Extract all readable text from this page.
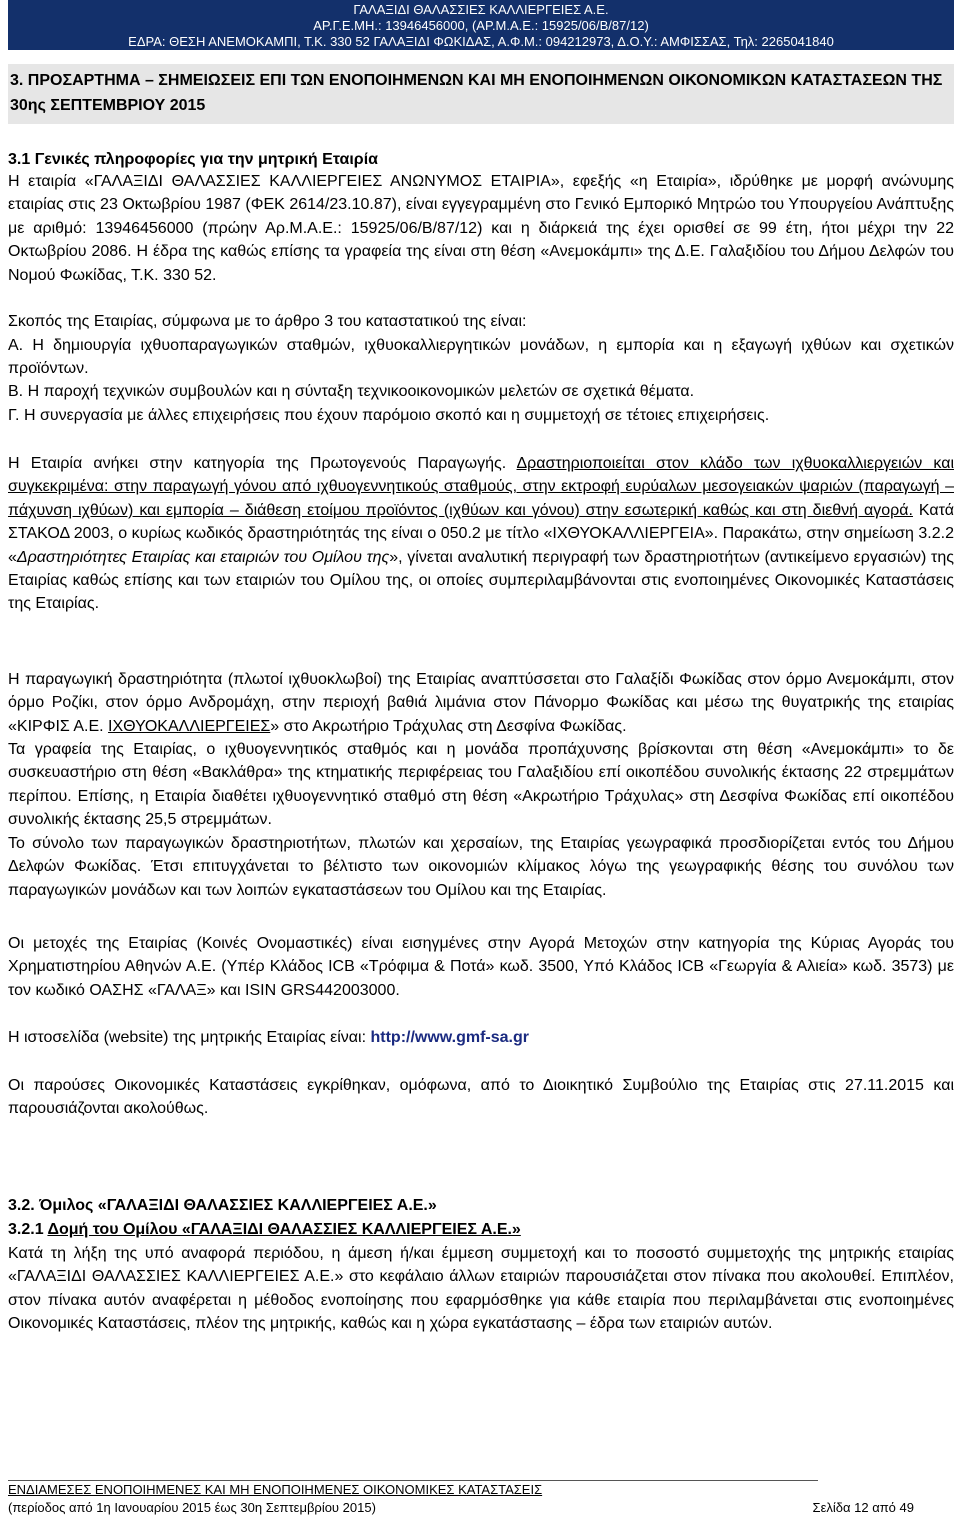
ΓΑΛΑΞΙΔΙ ΘΑΛΑΣΣΙΕΣ ΚΑΛΛΙΕΡΓΕΙΕΣ Α.Ε.
ΑΡ.Γ.Ε.ΜΗ.: 13946456000, (ΑΡ.Μ.Α.Ε.: 15925/06/Β/87/12)
ΕΔΡΑ: ΘΕΣΗ ΑΝΕΜΟΚΑΜΠΙ, Τ.Κ. 330 52 ΓΑΛΑΞΙΔΙ ΦΩΚΙΔΑΣ, Α.Φ.Μ.: 094212973, Δ.Ο.Υ.: ΑΜΦΙΣΣΑΣ, Τηλ: 2265041840
3. ΠΡΟΣΑΡΤΗΜΑ – ΣΗΜΕΙΩΣΕΙΣ ΕΠΙ ΤΩΝ ΕΝΟΠΟΙΗΜΕΝΩΝ ΚΑΙ ΜΗ ΕΝΟΠΟΙΗΜΕΝΩΝ ΟΙΚΟΝΟΜΙΚΩΝ ΚΑΤΑΣΤΑΣΕΩΝ ΤΗΣ 30ης ΣΕΠΤΕΜΒΡΙΟΥ 2015
3.1 Γενικές πληροφορίες για την μητρική Εταιρία
Η εταιρία «ΓΑΛΑΞΙΔΙ ΘΑΛΑΣΣΙΕΣ ΚΑΛΛΙΕΡΓΕΙΕΣ ΑΝΩΝΥΜΟΣ ΕΤΑΙΡΙΑ», εφεξής «η Εταιρία», ιδρύθηκε με μορφή ανώνυμης εταιρίας στις 23 Οκτωβρίου 1987 (ΦΕΚ 2614/23.10.87), είναι εγγεγραμμένη στο Γενικό Εμπορικό Μητρώο του Υπουργείου Ανάπτυξης με αριθμό: 13946456000 (πρώην Αρ.Μ.Α.Ε.: 15925/06/Β/87/12) και η διάρκειά της έχει ορισθεί σε 99 έτη, ήτοι μέχρι την 22 Οκτωβρίου 2086. Η έδρα της καθώς επίσης τα γραφεία της είναι στη θέση «Ανεμοκάμπι» της Δ.Ε. Γαλαξιδίου του Δήμου Δελφών του Νομού Φωκίδας, Τ.Κ. 330 52.
Σκοπός της Εταιρίας, σύμφωνα με το άρθρο 3 του καταστατικού της είναι:
Α. Η δημιουργία ιχθυοπαραγωγικών σταθμών, ιχθυοκαλλιεργητικών μονάδων, η εμπορία και η εξαγωγή ιχθύων και σχετικών προϊόντων.
Β. Η παροχή τεχνικών συμβουλών και η σύνταξη τεχνικοοικονομικών μελετών σε σχετικά θέματα.
Γ. Η συνεργασία με άλλες επιχειρήσεις που έχουν παρόμοιο σκοπό και η συμμετοχή σε τέτοιες επιχειρήσεις.
Η Εταιρία ανήκει στην κατηγορία της Πρωτογενούς Παραγωγής. Δραστηριοποιείται στον κλάδο των ιχθυοκαλλιεργειών και συγκεκριμένα: στην παραγωγή γόνου από ιχθυογεννητικούς σταθμούς, στην εκτροφή ευρύαλων μεσογειακών ψαριών (παραγωγή – πάχυνση ιχθύων) και εμπορία – διάθεση ετοίμου προϊόντος (ιχθύων και γόνου) στην εσωτερική καθώς και στη διεθνή αγορά. Κατά ΣΤΑΚΟΔ 2003, ο κυρίως κωδικός δραστηριότητάς της είναι ο 050.2 με τίτλο «ΙΧΘΥΟΚΑΛΛΙΕΡΓΕΙΑ». Παρακάτω, στην σημείωση 3.2.2 «Δραστηριότητες Εταιρίας και εταιριών του Ομίλου της», γίνεται αναλυτική περιγραφή των δραστηριοτήτων (αντικείμενο εργασιών) της Εταιρίας καθώς επίσης και των εταιριών του Ομίλου της, οι οποίες συμπεριλαμβάνονται στις ενοποιημένες Οικονομικές Καταστάσεις της Εταιρίας.
Η παραγωγική δραστηριότητα (πλωτοί ιχθυοκλωβοί) της Εταιρίας αναπτύσσεται στο Γαλαξίδι Φωκίδας στον όρμο Ανεμοκάμπι, στον όρμο Ροζίκι, στον όρμο Ανδρομάχη, στην περιοχή βαθιά λιμάνια στον Πάνορμο Φωκίδας και μέσω της θυγατρικής της εταιρίας «ΚΙΡΦΙΣ Α.Ε. ΙΧΘΥΟΚΑΛΛΙΕΡΓΕΙΕΣ» στο Ακρωτήριο Τράχυλας στη Δεσφίνα Φωκίδας.
Τα γραφεία της Εταιρίας, ο ιχθυογεννητικός σταθμός και η μονάδα προπάχυνσης βρίσκονται στη θέση «Ανεμοκάμπι» το δε συσκευαστήριο στη θέση «Βακλάθρα» της κτηματικής περιφέρειας του Γαλαξιδίου επί οικοπέδου συνολικής έκτασης 22 στρεμμάτων περίπου. Επίσης, η Εταιρία διαθέτει ιχθυογεννητικό σταθμό στη θέση «Ακρωτήριο Τράχυλας» στη Δεσφίνα Φωκίδας επί οικοπέδου συνολικής έκτασης 25,5 στρεμμάτων.
Το σύνολο των παραγωγικών δραστηριοτήτων, πλωτών και χερσαίων, της Εταιρίας γεωγραφικά προσδιορίζεται εντός του Δήμου Δελφών Φωκίδας. Έτσι επιτυγχάνεται το βέλτιστο των οικονομιών κλίμακος λόγω της γεωγραφικής θέσης του συνόλου των παραγωγικών μονάδων και των λοιπών εγκαταστάσεων του Ομίλου και της Εταιρίας.
Οι μετοχές της Εταιρίας (Κοινές Ονομαστικές) είναι εισηγμένες στην Αγορά Μετοχών στην κατηγορία της Κύριας Αγοράς του Χρηματιστηρίου Αθηνών Α.Ε. (Υπέρ Κλάδος ICB «Τρόφιμα & Ποτά» κωδ. 3500, Υπό Κλάδος ICB «Γεωργία & Αλιεία» κωδ. 3573) με τον κωδικό ΟΑΣΗΣ «ΓΑΛΑΞ» και ISIN GRS442003000.
Η ιστοσελίδα (website) της μητρικής Εταιρίας είναι: http://www.gmf-sa.gr
Οι παρούσες Οικονομικές Καταστάσεις εγκρίθηκαν, ομόφωνα, από το Διοικητικό Συμβούλιο της Εταιρίας στις 27.11.2015 και παρουσιάζονται ακολούθως.
3.2. Όμιλος «ΓΑΛΑΞΙΔΙ ΘΑΛΑΣΣΙΕΣ ΚΑΛΛΙΕΡΓΕΙΕΣ Α.Ε.»
3.2.1 Δομή του Ομίλου «ΓΑΛΑΞΙΔΙ ΘΑΛΑΣΣΙΕΣ ΚΑΛΛΙΕΡΓΕΙΕΣ Α.Ε.»
Κατά τη λήξη της υπό αναφορά περιόδου, η άμεση ή/και έμμεση συμμετοχή και το ποσοστό συμμετοχής της μητρικής εταιρίας «ΓΑΛΑΞΙΔΙ ΘΑΛΑΣΣΙΕΣ ΚΑΛΛΙΕΡΓΕΙΕΣ Α.Ε.» στο κεφάλαιο άλλων εταιριών παρουσιάζεται στον πίνακα που ακολουθεί. Επιπλέον, στον πίνακα αυτόν αναφέρεται η μέθοδος ενοποίησης που εφαρμόσθηκε για κάθε εταιρία που περιλαμβάνεται στις ενοποιημένες Οικονομικές Καταστάσεις, πλέον της μητρικής, καθώς και η χώρα εγκατάστασης – έδρα των εταιριών αυτών.
ΕΝΔΙΑΜΕΣΕΣ ΕΝΟΠΟΙΗΜΕΝΕΣ ΚΑΙ ΜΗ ΕΝΟΠΟΙΗΜΕΝΕΣ ΟΙΚΟΝΟΜΙΚΕΣ ΚΑΤΑΣΤΑΣΕΙΣ
(περίοδος από 1η Ιανουαρίου 2015 έως 30η Σεπτεμβρίου 2015)	Σελίδα 12 από 49
